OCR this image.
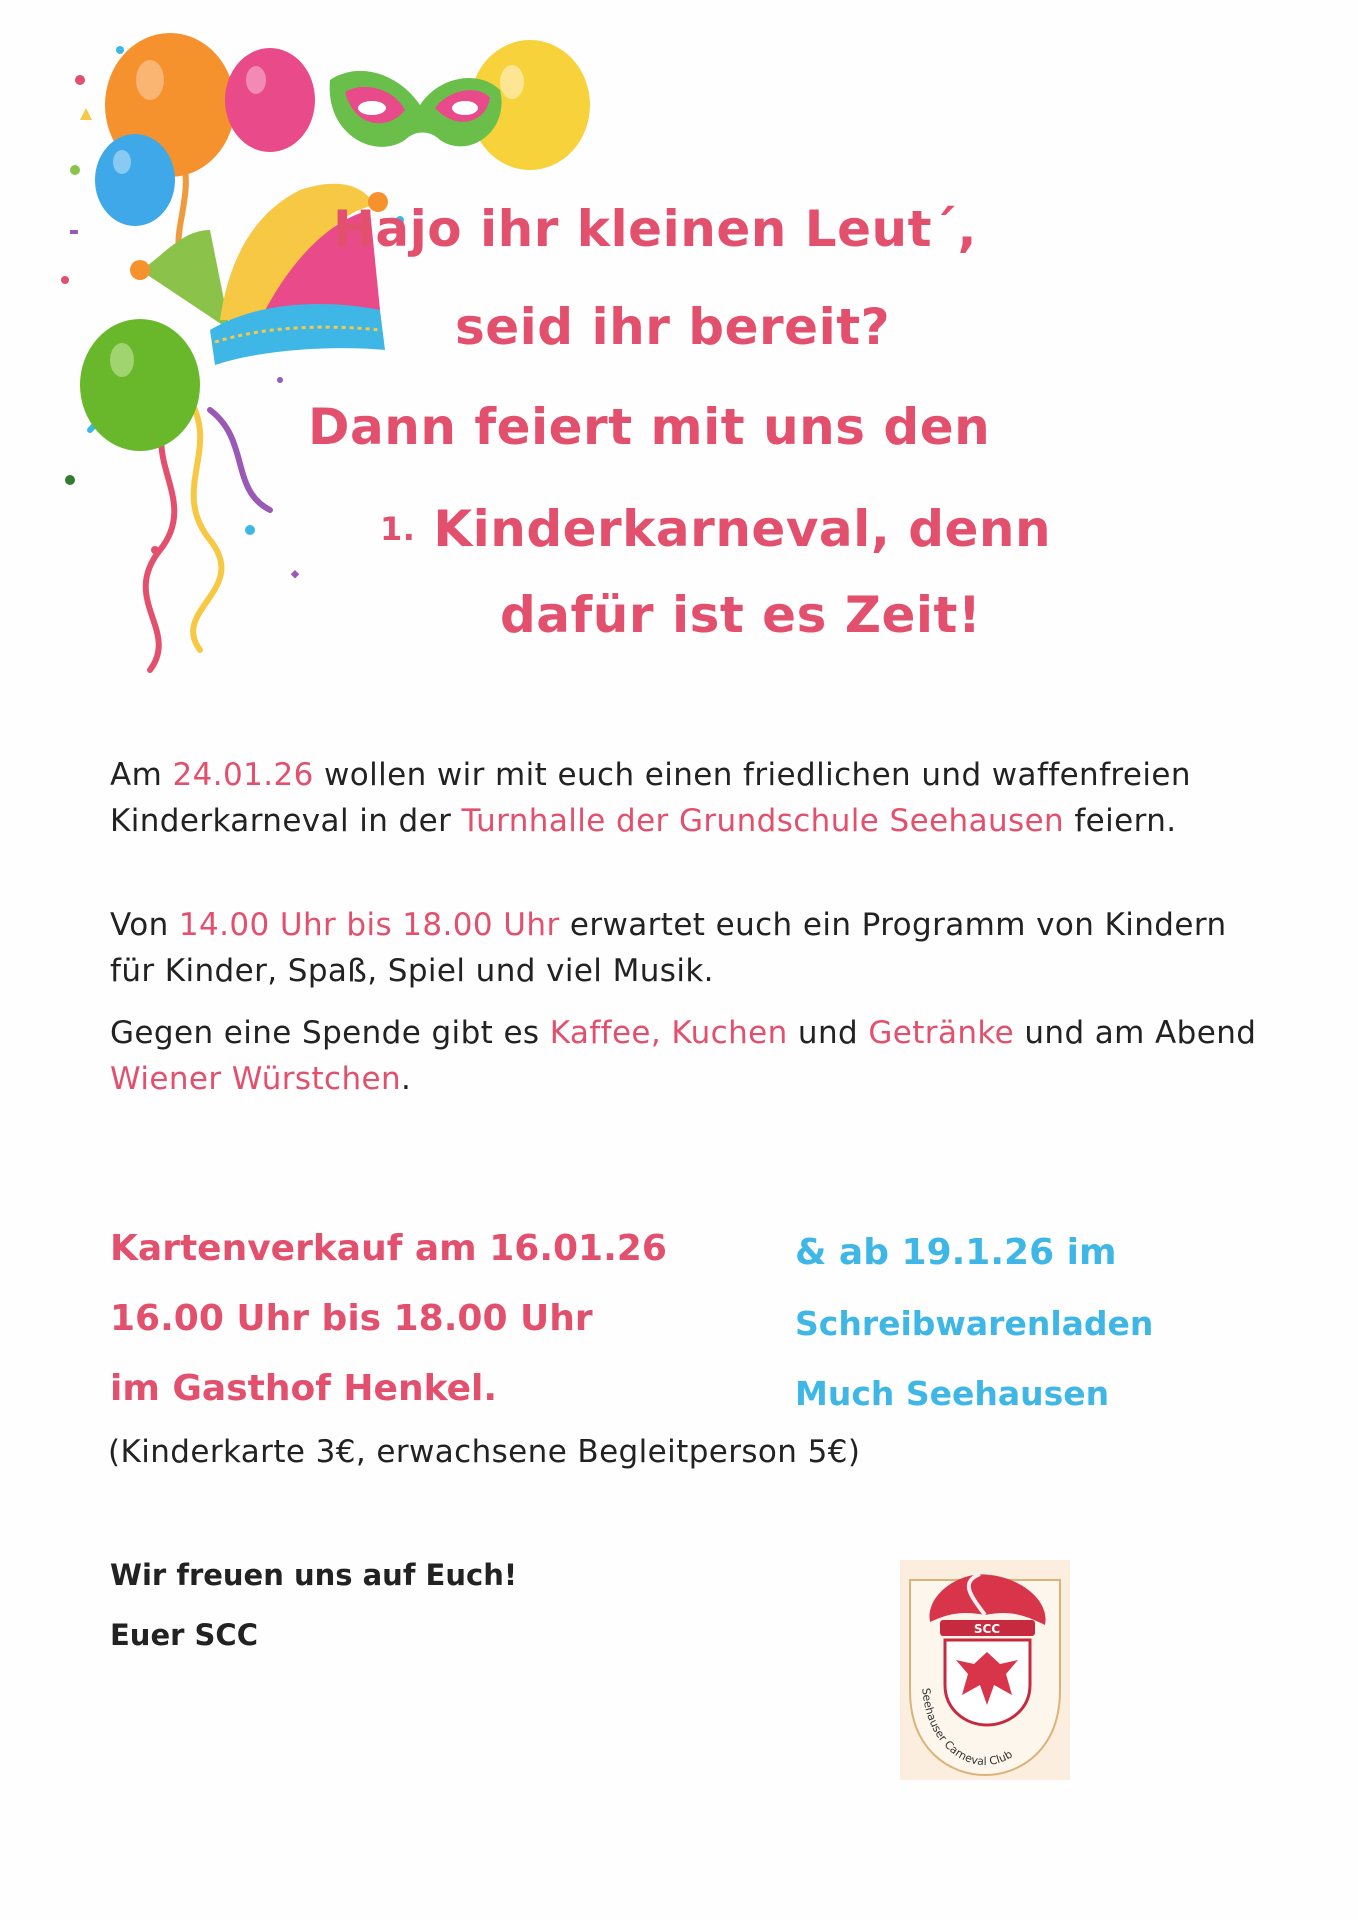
Hajo ihr kleinen Leut´,
seid ihr bereit?
Dann feiert mit uns den
1. Kinderkarneval, denn
dafür ist es Zeit!
Am 24.01.26 wollen wir mit euch einen friedlichen und waffenfreien Kinderkarneval in der Turnhalle der Grundschule Seehausen feiern.
Von 14.00 Uhr bis 18.00 Uhr erwartet euch ein Programm von Kindern für Kinder, Spaß, Spiel und viel Musik.
Gegen eine Spende gibt es Kaffee, Kuchen und Getränke und am Abend Wiener Würstchen.
Kartenverkauf am 16.01.26
16.00 Uhr bis 18.00 Uhr
im Gasthof Henkel.
& ab 19.1.26 im
Schreibwarenladen
Much Seehausen
(Kinderkarte 3€, erwachsene Begleitperson 5€)
Wir freuen uns auf Euch!
Euer SCC	SCC
Seehauser Carneval Club
